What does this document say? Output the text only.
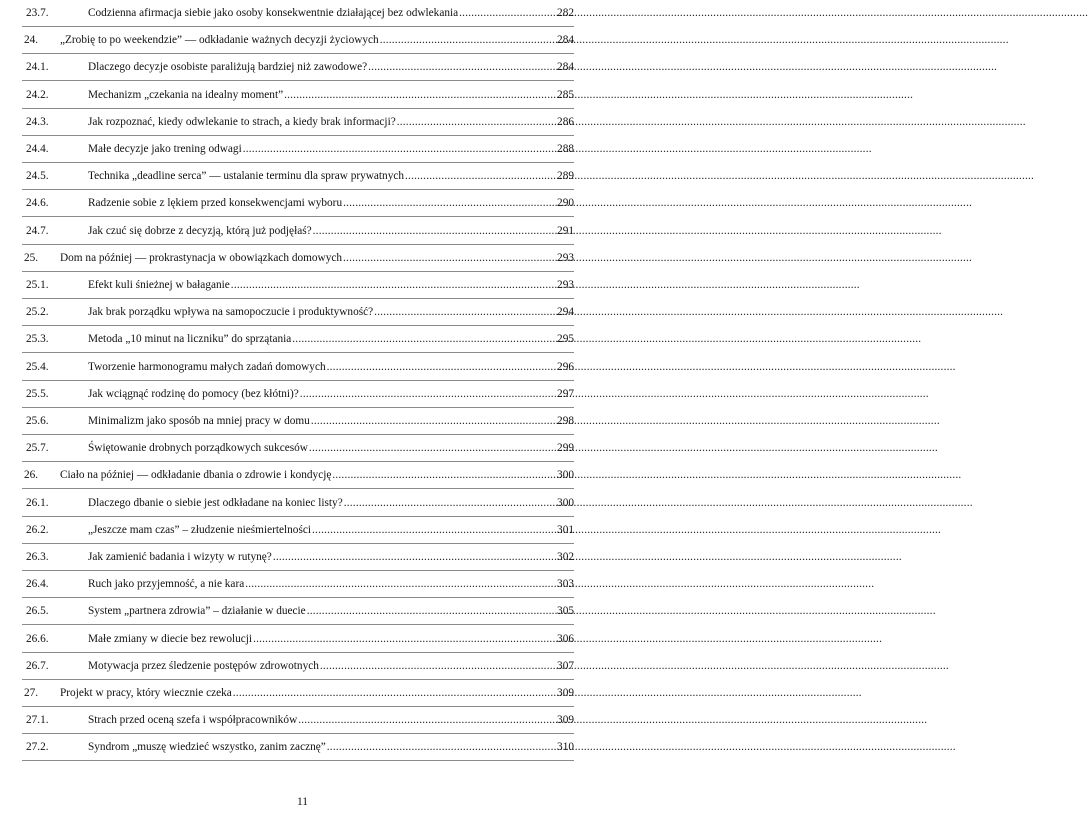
23.7.	Codzienna afirmacja siebie jako osoby konsekwentnie działającej bez odwlekania .....	282
24.	„Zrobię to po weekendzie” — odkładanie ważnych decyzji życiowych .....	284
24.1.	Dlaczego decyzje osobiste paraliżują bardziej niż zawodowe? .....	284
24.2.	Mechanizm „czekania na idealny moment” .....	285
24.3.	Jak rozpoznać, kiedy odwlekanie to strach, a kiedy brak informacji? .....	286
24.4.	Małe decyzje jako trening odwagi .....	288
24.5.	Technika „deadline serca” — ustalanie terminu dla spraw prywatnych .....	289
24.6.	Radzenie sobie z lękiem przed konsekwencjami wyboru .....	290
24.7.	Jak czuć się dobrze z decyzją, którą już podjęłaś? .....	291
25.	Dom na później — prokrastynacja w obowiązkach domowych .....	293
25.1.	Efekt kuli śnieżnej w bałaganie .....	293
25.2.	Jak brak porządku wpływa na samopoczucie i produktywność? .....	294
25.3.	Metoda „10 minut na liczniku” do sprzątania .....	295
25.4.	Tworzenie harmonogramu małych zadań domowych .....	296
25.5.	Jak wciągnąć rodzinę do pomocy (bez kłótni)? .....	297
25.6.	Minimalizm jako sposób na mniej pracy w domu .....	298
25.7.	Świętowanie drobnych porządkowych sukcesów .....	299
26.	Ciało na później — odkładanie dbania o zdrowie i kondycję .....	300
26.1.	Dlaczego dbanie o siebie jest odkładane na koniec listy? .....	300
26.2.	„Jeszcze mam czas” – złudzenie nieśmiertelności .....	301
26.3.	Jak zamienić badania i wizyty w rutynę? .....	302
26.4.	Ruch jako przyjemność, a nie kara .....	303
26.5.	System „partnera zdrowia” – działanie w duecie .....	305
26.6.	Małe zmiany w diecie bez rewolucji .....	306
26.7.	Motywacja przez śledzenie postępów zdrowotnych .....	307
27.	Projekt w pracy, który wiecznie czeka .....	309
27.1.	Strach przed oceną szefa i współpracowników .....	309
27.2.	Syndrom „muszę wiedzieć wszystko, zanim zacznę” .....	310
11
